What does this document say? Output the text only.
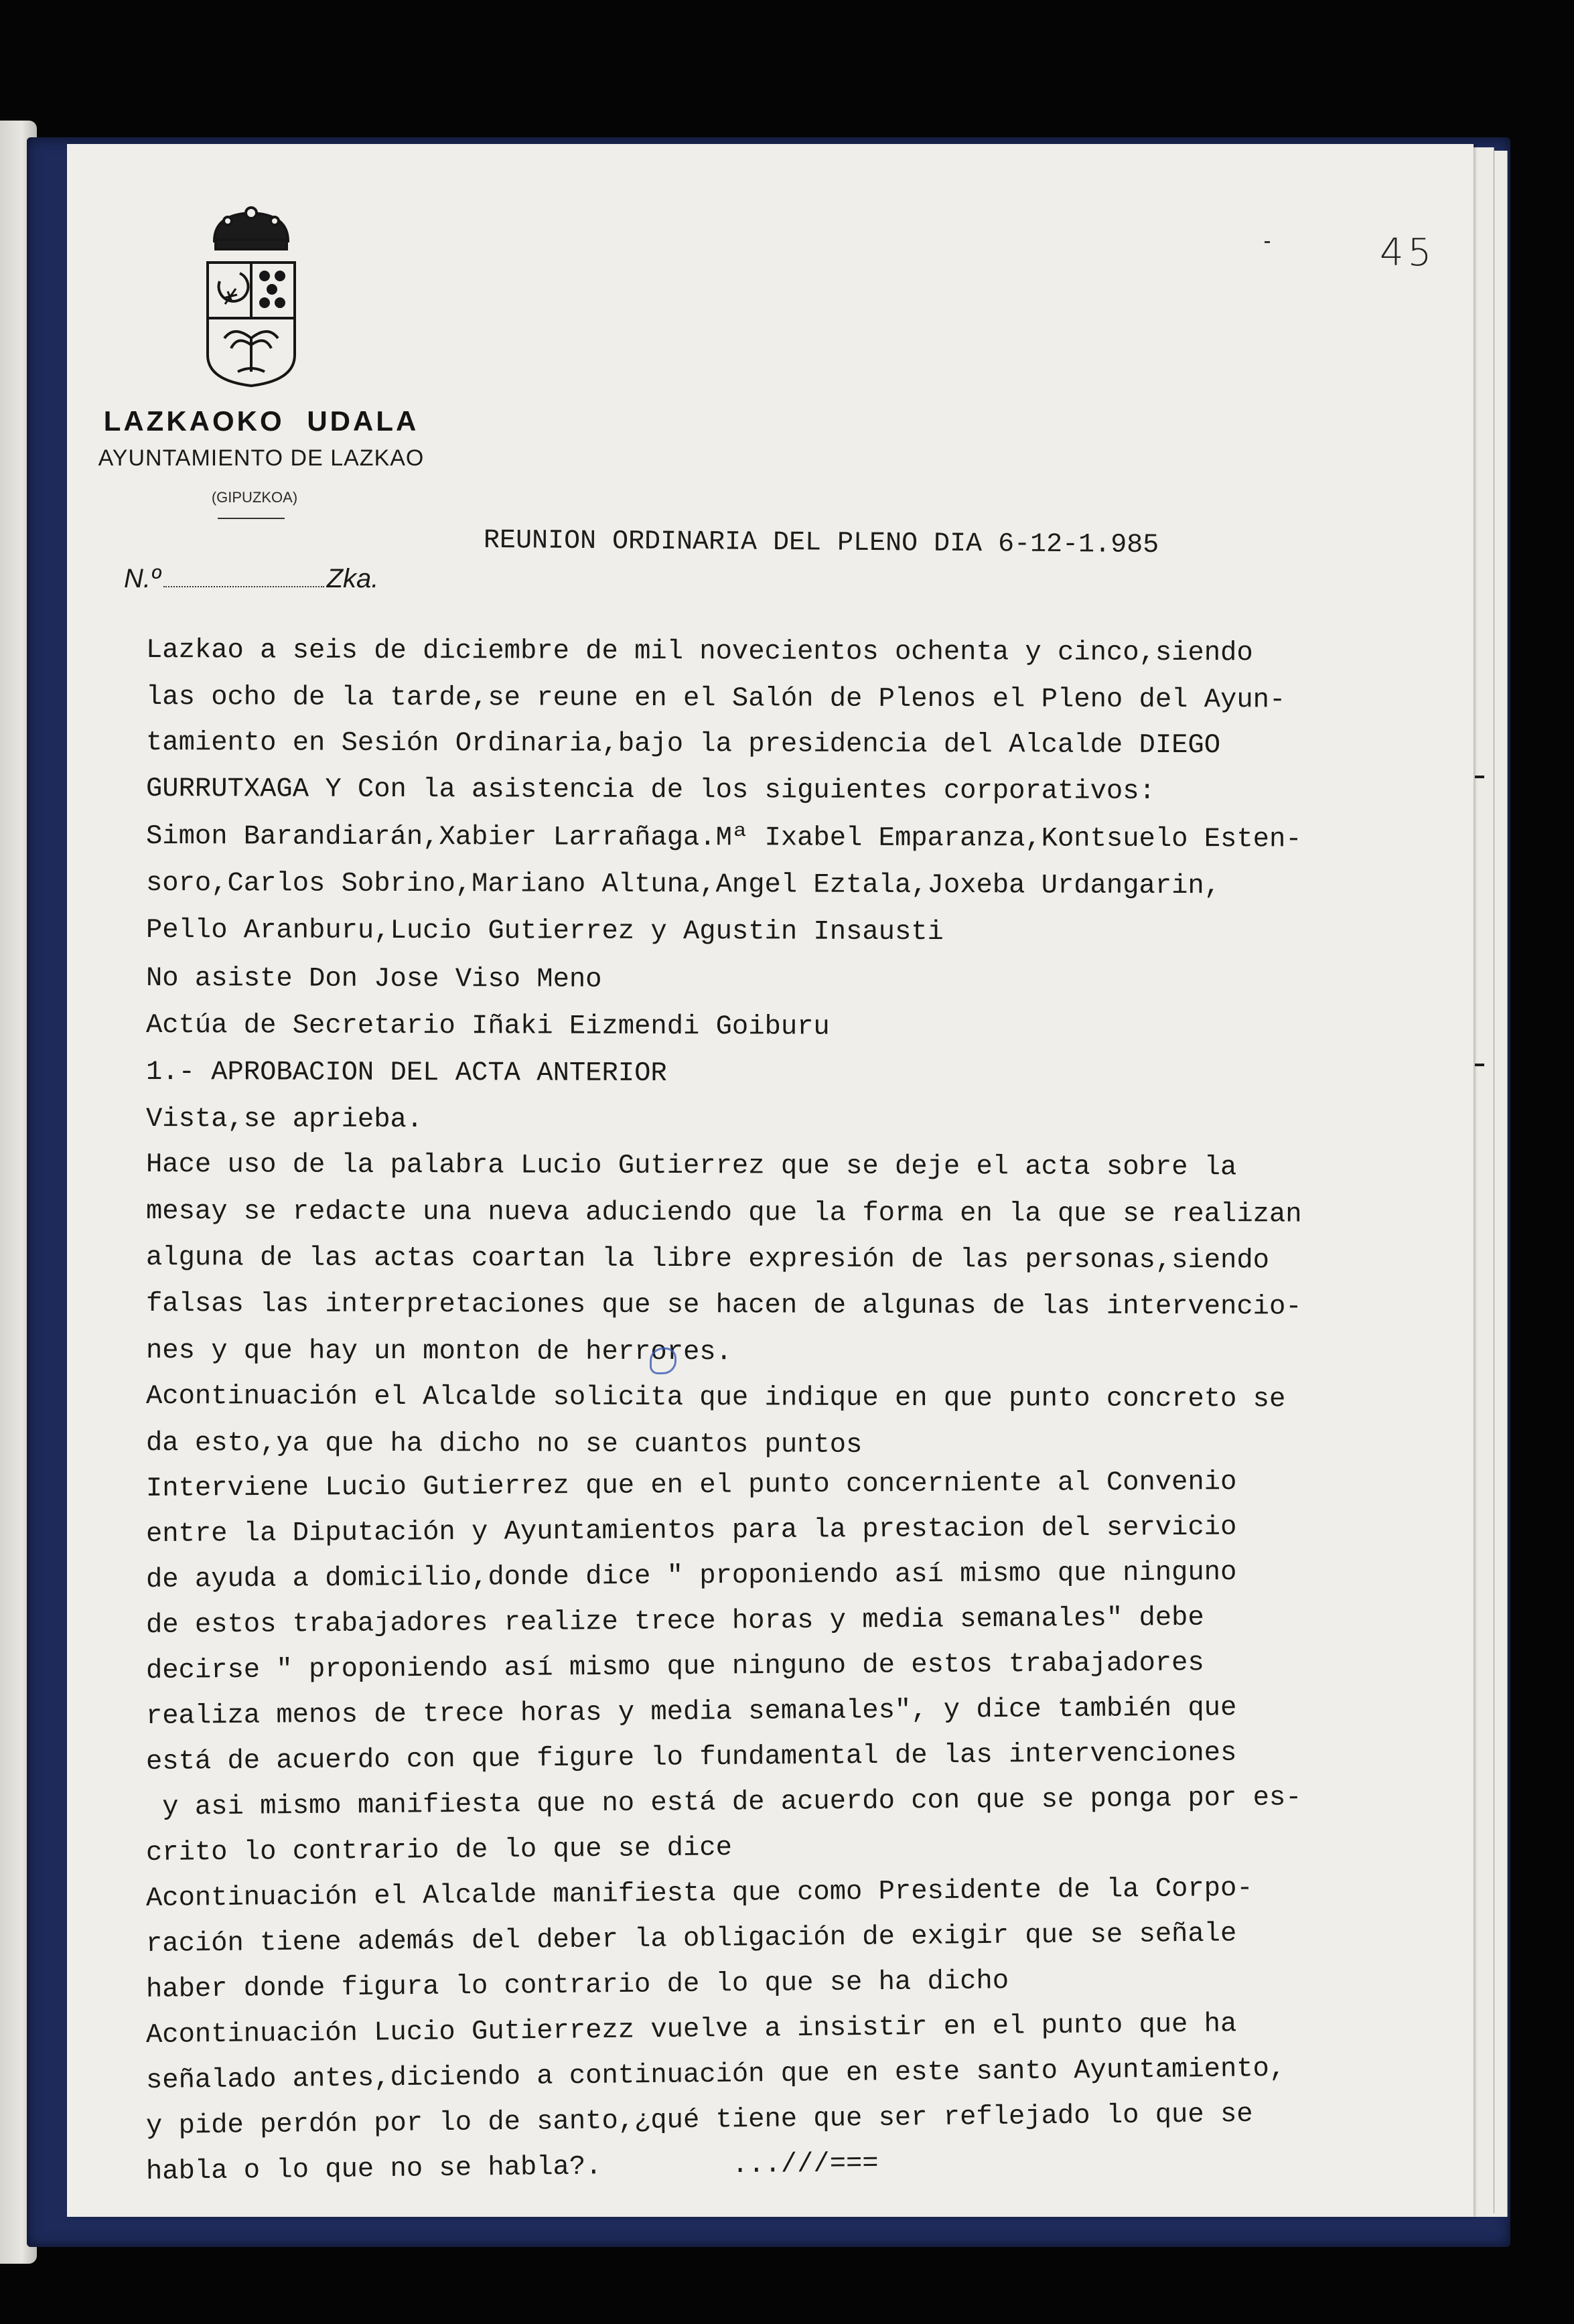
45
LAZKAOKO UDALA
AYUNTAMIENTO DE LAZKAO
(GIPUZKOA)
N.º	Zka.
REUNION ORDINARIA DEL PLENO DIA 6-12-1.985
Lazkao a seis de diciembre de mil novecientos ochenta y cinco,siendo
las ocho de la tarde,se reune en el Salón de Plenos el Pleno del Ayun-
tamiento en Sesión Ordinaria,bajo la presidencia del Alcalde DIEGO
GURRUTXAGA Y Con la asistencia de los siguientes corporativos:
Simon Barandiarán,Xabier Larrañaga.Mª Ixabel Emparanza,Kontsuelo Esten-
soro,Carlos Sobrino,Mariano Altuna,Angel Eztala,Joxeba Urdangarin,
Pello Aranburu,Lucio Gutierrez y Agustin Insausti
No asiste Don Jose Viso Meno
Actúa de Secretario Iñaki Eizmendi Goiburu
1.- APROBACION DEL ACTA ANTERIOR
Vista,se aprieba.
Hace uso de la palabra Lucio Gutierrez que se deje el acta sobre la
mesay se redacte una nueva aduciendo que la forma en la que se realizan
alguna de las actas coartan la libre expresión de las personas,siendo
falsas las interpretaciones que se hacen de algunas de las intervencio-
nes y que hay un monton de herrores.
Acontinuación el Alcalde solicita que indique en que punto concreto se
da esto,ya que ha dicho no se cuantos puntos
Interviene Lucio Gutierrez que en el punto concerniente al Convenio
entre la Diputación y Ayuntamientos para la prestacion del servicio
de ayuda a domicilio,donde dice " proponiendo así mismo que ninguno
de estos trabajadores realize trece horas y media semanales" debe
decirse " proponiendo así mismo que ninguno de estos trabajadores
realiza menos de trece horas y media semanales", y dice también que
está de acuerdo con que figure lo fundamental de las intervenciones
y asi mismo manifiesta que no está de acuerdo con que se ponga por es-
crito lo contrario de lo que se dice
Acontinuación el Alcalde manifiesta que como Presidente de la Corpo-
ración tiene además del deber la obligación de exigir que se señale
haber donde figura lo contrario de lo que se ha dicho
Acontinuación Lucio Gutierrezz vuelve a insistir en el punto que ha
señalado antes,diciendo a continuación que en este santo Ayuntamiento,
y pide perdón por lo de santo,¿qué tiene que ser reflejado lo que se
habla o lo que no se habla?.        ...///===
